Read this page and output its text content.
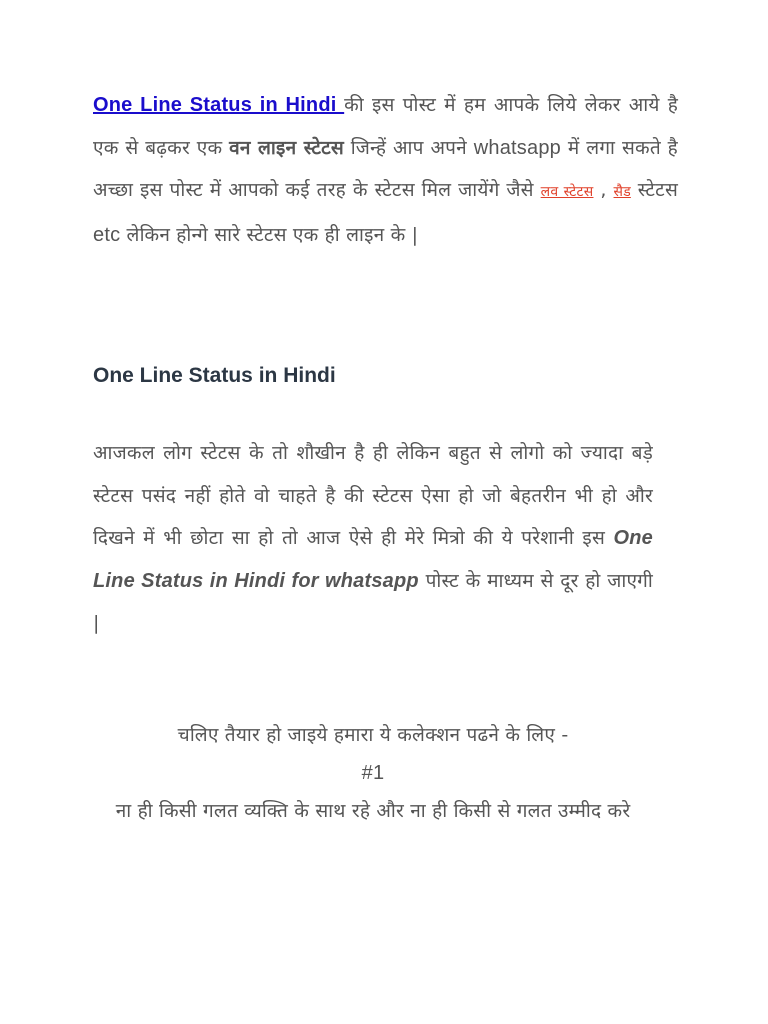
One Line Status in Hindi की इस पोस्ट में हम आपके लिये लेकर आये है एक से बढ़कर एक वन लाइन स्टेटस जिन्हें आप अपने whatsapp में लगा सकते है अच्छा इस पोस्ट में आपको कई तरह के स्टेटस मिल जायेंगे जैसे लव स्टेटस , सैड स्टेटस etc लेकिन होन्गे सारे स्टेटस एक ही लाइन के |

One Line Status in Hindi

आजकल लोग स्टेटस के तो शौखीन है ही लेकिन बहुत से लोगो को ज्यादा बड़े स्टेटस पसंद नहीं होते वो चाहते है की स्टेटस ऐसा हो जो बेहतरीन भी हो और दिखने में भी छोटा सा हो तो आज ऐसे ही मेरे मित्रो की ये परेशानी इस One Line Status in Hindi for whatsapp पोस्ट के माध्यम से दूर हो जाएगी |

चलिए तैयार हो जाइये हमारा ये कलेक्शन पढने के लिए -
#1
ना ही किसी गलत व्यक्ति के साथ रहे और ना ही किसी से गलत उम्मीद करे
